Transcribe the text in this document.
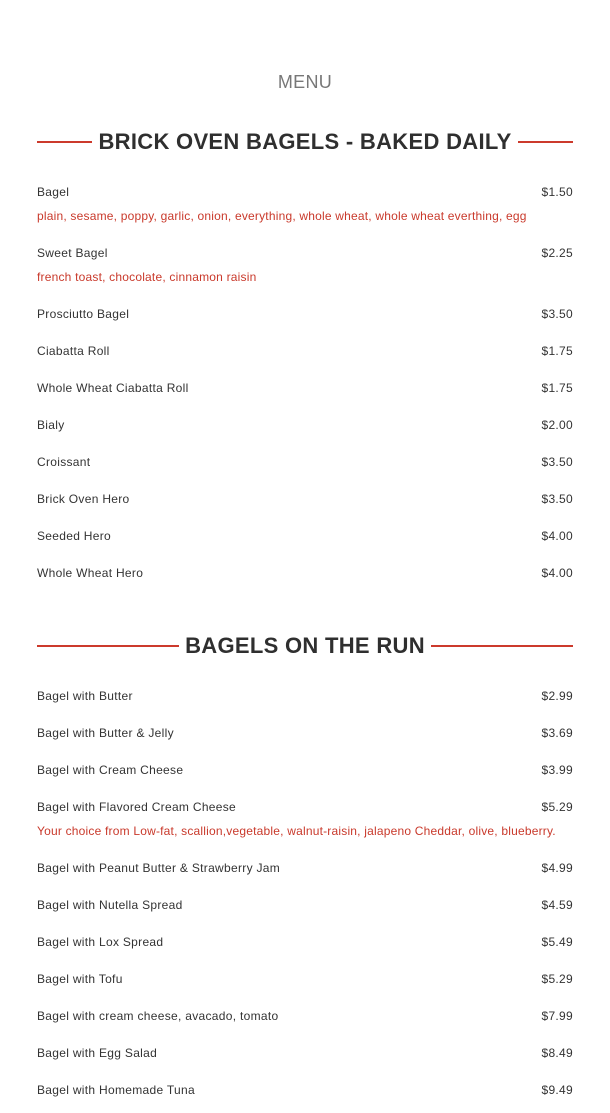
MENU
BRICK OVEN BAGELS - BAKED DAILY
Bagel	$1.50
plain, sesame, poppy, garlic, onion, everything, whole wheat, whole wheat everthing, egg
Sweet Bagel	$2.25
french toast, chocolate, cinnamon raisin
Prosciutto Bagel	$3.50
Ciabatta Roll	$1.75
Whole Wheat Ciabatta Roll	$1.75
Bialy	$2.00
Croissant	$3.50
Brick Oven Hero	$3.50
Seeded Hero	$4.00
Whole Wheat Hero	$4.00
BAGELS ON THE RUN
Bagel with Butter	$2.99
Bagel with Butter & Jelly	$3.69
Bagel with Cream Cheese	$3.99
Bagel with Flavored Cream Cheese	$5.29
Your choice from Low-fat, scallion,vegetable, walnut-raisin, jalapeno Cheddar, olive, blueberry.
Bagel with Peanut Butter & Strawberry Jam	$4.99
Bagel with Nutella Spread	$4.59
Bagel with Lox Spread	$5.49
Bagel with Tofu	$5.29
Bagel with cream cheese, avacado, tomato	$7.99
Bagel with Egg Salad	$8.49
Bagel with Homemade Tuna	$9.49
